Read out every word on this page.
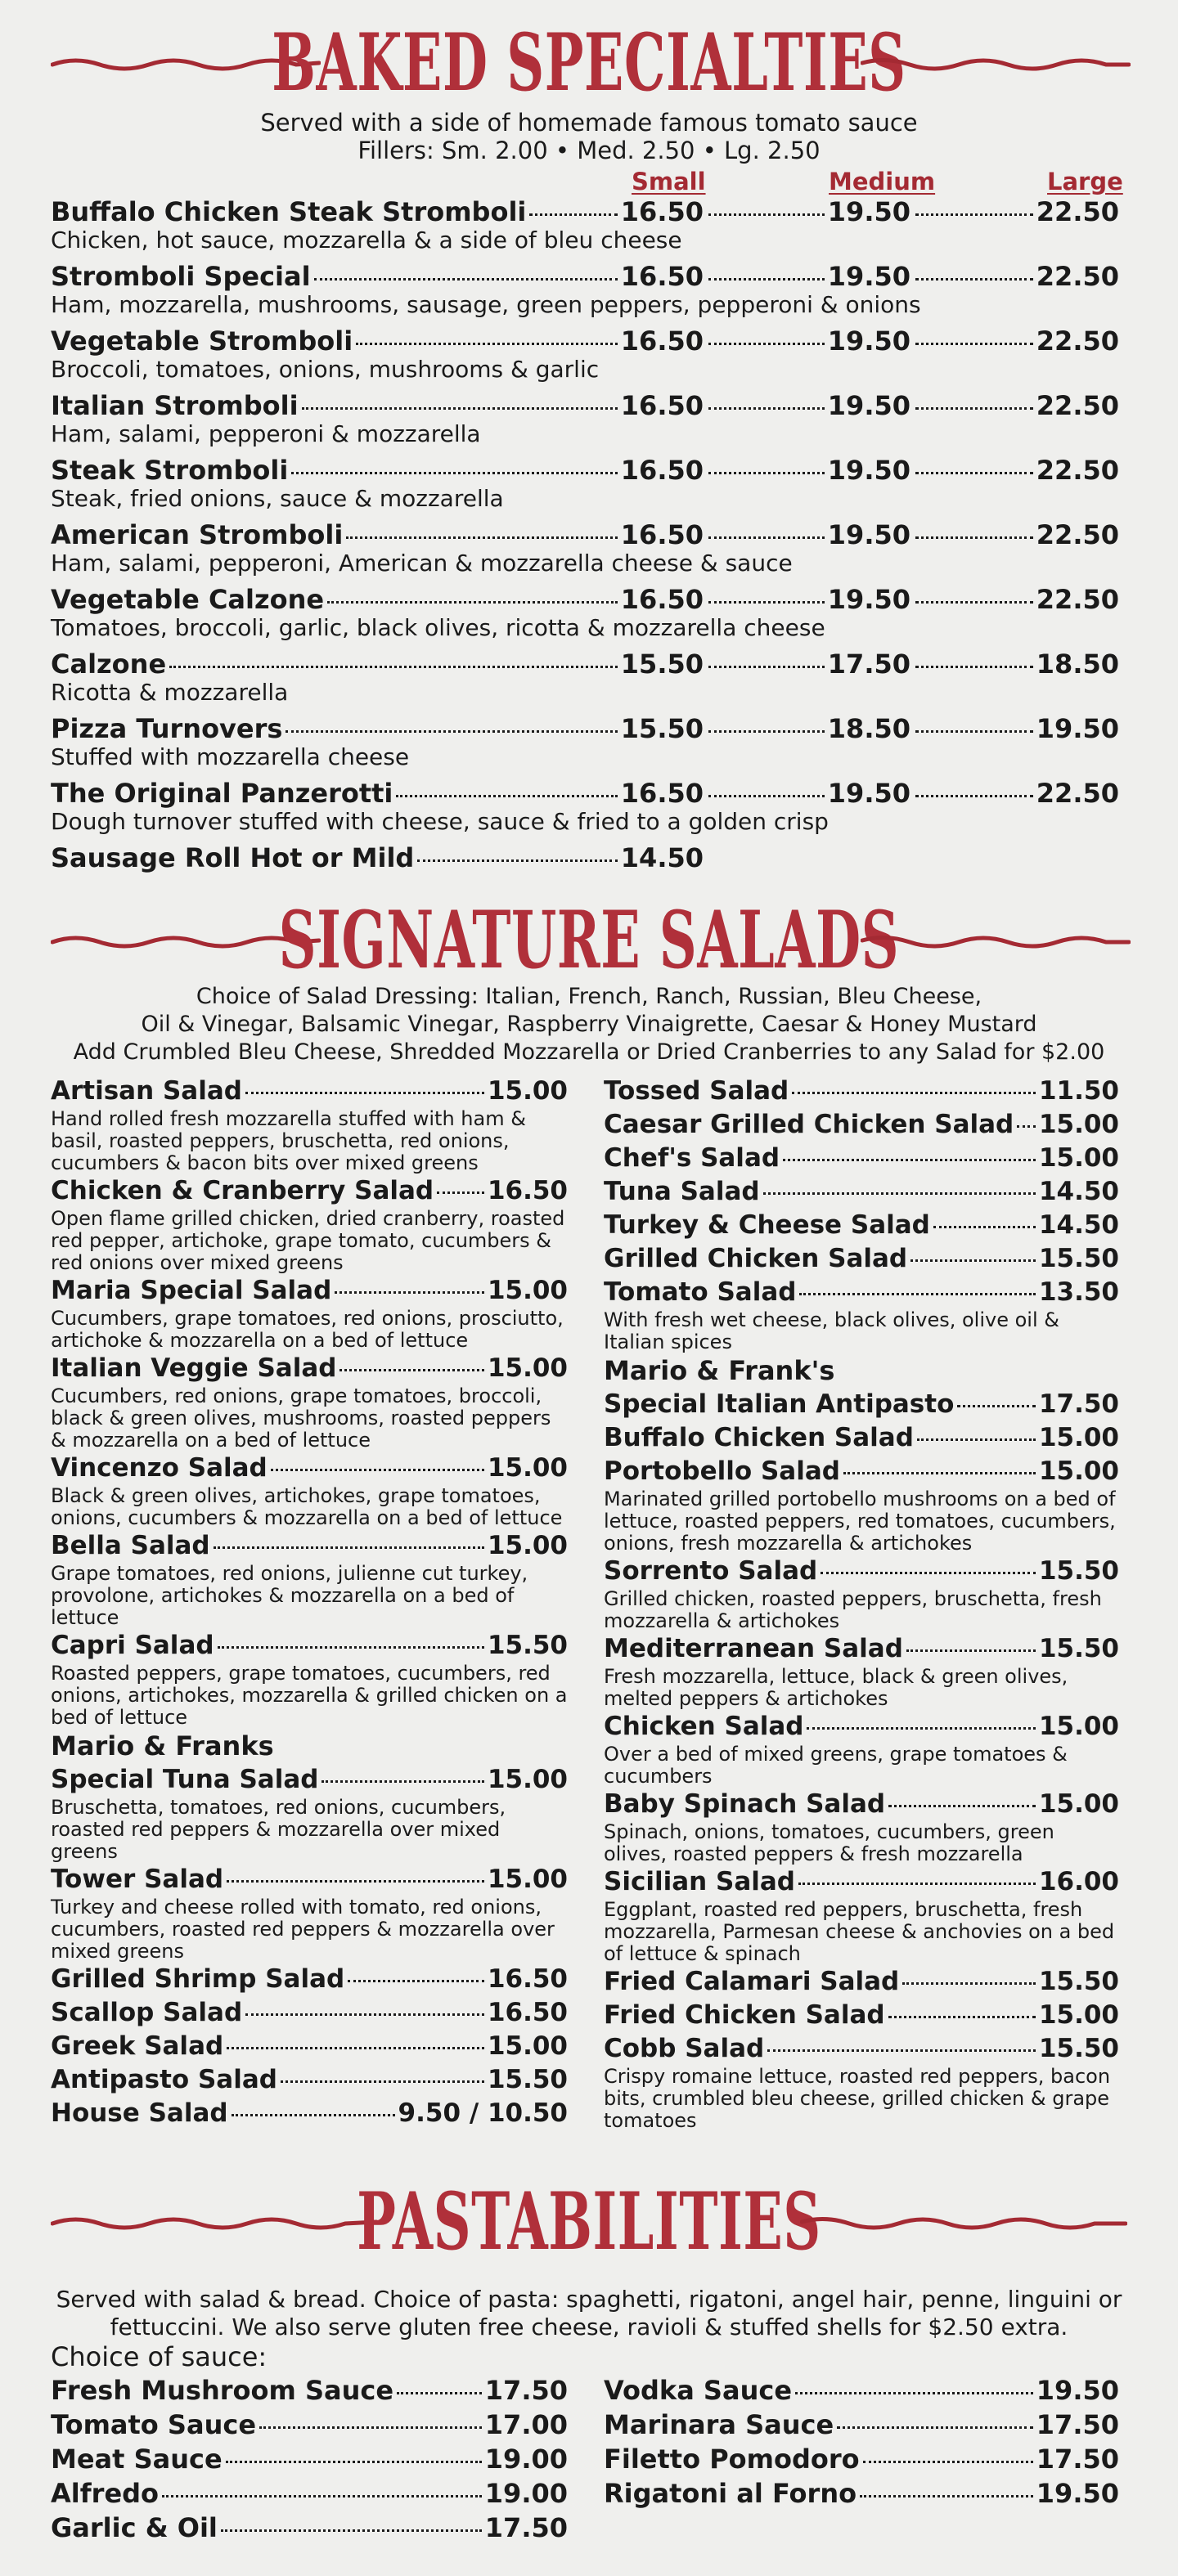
BAKED SPECIALTIES
Served with a side of homemade famous tomato sauce
Fillers: Sm. 2.00 • Med. 2.50 • Lg. 2.50
Small	Medium	Large
Buffalo Chicken Steak Stromboli	16.50	19.50	22.50
Chicken, hot sauce, mozzarella & a side of bleu cheese
Stromboli Special	16.50	19.50	22.50
Ham, mozzarella, mushrooms, sausage, green peppers, pepperoni & onions
Vegetable Stromboli	16.50	19.50	22.50
Broccoli, tomatoes, onions, mushrooms & garlic
Italian Stromboli	16.50	19.50	22.50
Ham, salami, pepperoni & mozzarella
Steak Stromboli	16.50	19.50	22.50
Steak, fried onions, sauce & mozzarella
American Stromboli	16.50	19.50	22.50
Ham, salami, pepperoni, American & mozzarella cheese & sauce
Vegetable Calzone	16.50	19.50	22.50
Tomatoes, broccoli, garlic, black olives, ricotta & mozzarella cheese
Calzone	15.50	17.50	18.50
Ricotta & mozzarella
Pizza Turnovers	15.50	18.50	19.50
Stuffed with mozzarella cheese
The Original Panzerotti	16.50	19.50	22.50
Dough turnover stuffed with cheese, sauce & fried to a golden crisp
Sausage Roll Hot or Mild	14.50
SIGNATURE SALADS
Choice of Salad Dressing: Italian, French, Ranch, Russian, Bleu Cheese,
Oil & Vinegar, Balsamic Vinegar, Raspberry Vinaigrette, Caesar & Honey Mustard
Add Crumbled Bleu Cheese, Shredded Mozzarella or Dried Cranberries to any Salad for $2.00
Artisan Salad	15.00
Hand rolled fresh mozzarella stuffed with ham & basil, roasted peppers, bruschetta, red onions, cucumbers & bacon bits over mixed greens
Chicken & Cranberry Salad 16.50
Open flame grilled chicken, dried cranberry, roasted red pepper, artichoke, grape tomato, cucumbers & red onions over mixed greens
Maria Special Salad	15.00
Cucumbers, grape tomatoes, red onions, prosciutto, artichoke & mozzarella on a bed of lettuce
Italian Veggie Salad	15.00
Cucumbers, red onions, grape tomatoes, broccoli, black & green olives, mushrooms, roasted peppers & mozzarella on a bed of lettuce
Vincenzo Salad	15.00
Black & green olives, artichokes, grape tomatoes, onions, cucumbers & mozzarella on a bed of lettuce
Bella Salad	15.00
Grape tomatoes, red onions, julienne cut turkey, provolone, artichokes & mozzarella on a bed of lettuce
Capri Salad	15.50
Roasted peppers, grape tomatoes, cucumbers, red onions, artichokes, mozzarella & grilled chicken on a bed of lettuce
Mario & Franks
Special Tuna Salad	15.00
Bruschetta, tomatoes, red onions, cucumbers, roasted red peppers & mozzarella over mixed greens
Tower Salad	15.00
Turkey and cheese rolled with tomato, red onions, cucumbers, roasted red peppers & mozzarella over mixed greens
Grilled Shrimp Salad	16.50
Scallop Salad	16.50
Greek Salad	15.00
Antipasto Salad	15.50
House Salad	9.50 / 10.50
Tossed Salad	11.50
Caesar Grilled Chicken Salad 15.00
Chef's Salad	15.00
Tuna Salad	14.50
Turkey & Cheese Salad	14.50
Grilled Chicken Salad	15.50
Tomato Salad	13.50
With fresh wet cheese, black olives, olive oil & Italian spices
Mario & Frank's
Special Italian Antipasto	17.50
Buffalo Chicken Salad	15.00
Portobello Salad	15.00
Marinated grilled portobello mushrooms on a bed of lettuce, roasted peppers, red tomatoes, cucumbers, onions, fresh mozzarella & artichokes
Sorrento Salad	15.50
Grilled chicken, roasted peppers, bruschetta, fresh mozzarella & artichokes
Mediterranean Salad	15.50
Fresh mozzarella, lettuce, black & green olives, melted peppers & artichokes
Chicken Salad	15.00
Over a bed of mixed greens, grape tomatoes & cucumbers
Baby Spinach Salad	15.00
Spinach, onions, tomatoes, cucumbers, green olives, roasted peppers & fresh mozzarella
Sicilian Salad	16.00
Eggplant, roasted red peppers, bruschetta, fresh mozzarella, Parmesan cheese & anchovies on a bed of lettuce & spinach
Fried Calamari Salad	15.50
Fried Chicken Salad	15.00
Cobb Salad	15.50
Crispy romaine lettuce, roasted red peppers, bacon bits, crumbled bleu cheese, grilled chicken & grape tomatoes
PASTABILITIES
Served with salad & bread. Choice of pasta: spaghetti, rigatoni, angel hair, penne, linguini or
fettuccini. We also serve gluten free cheese, ravioli & stuffed shells for $2.50 extra.
Choice of sauce:
Fresh Mushroom Sauce	17.50
Tomato Sauce	17.00
Meat Sauce	19.00
Alfredo	19.00
Garlic & Oil	17.50
Vodka Sauce	19.50
Marinara Sauce	17.50
Filetto Pomodoro	17.50
Rigatoni al Forno	19.50
